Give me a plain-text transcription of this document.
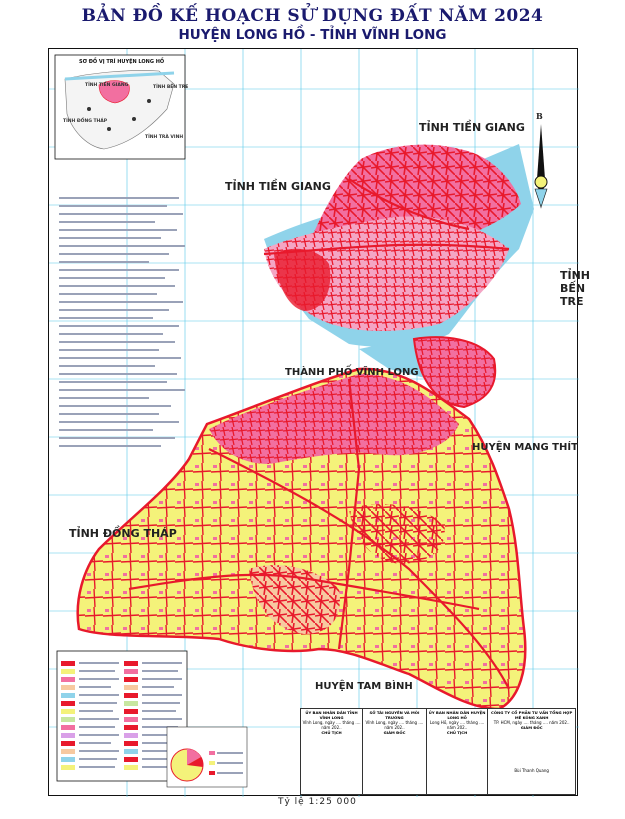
BẢN ĐỒ KẾ HOẠCH SỬ DỤNG ĐẤT NĂM 2024
HUYỆN LONG HỒ - TỈNH VĨNH LONG
SƠ ĐỒ VỊ TRÍ HUYỆN LONG HỒ
TỈNH TIỀN GIANG	TỈNH BẾN TRE
TỈNH ĐỒNG THÁP
TỈNH TRÀ VINH
TỈNH TIỀN GIANG
TỈNH TIỀN GIANG
TỈNH
BẾN
TRE
THÀNH PHỐ VĨNH LONG
HUYỆN MANG THÍT
TỈNH ĐỒNG THÁP
HUYỆN TAM BÌNH
B
ỦY BAN NHÂN DÂN TỈNH VĨNH LONG
Vĩnh Long, ngày .... tháng .... năm 202..
CHỦ TỊCH

SỞ TÀI NGUYÊN VÀ MÔI TRƯỜNG
Vĩnh Long, ngày .... tháng .... năm 202..
GIÁM ĐỐC

ỦY BAN NHÂN DÂN HUYỆN LONG HỒ
Long Hồ, ngày .... tháng .... năm 202..
CHỦ TỊCH

CÔNG TY CỔ PHẦN TƯ VẤN TỔNG HỢP MÊ KÔNG XANH
TP. HCM, ngày .... tháng .... năm 202..
GIÁM ĐỐC
Bùi Thanh Quang
Tỷ lệ 1:25 000
